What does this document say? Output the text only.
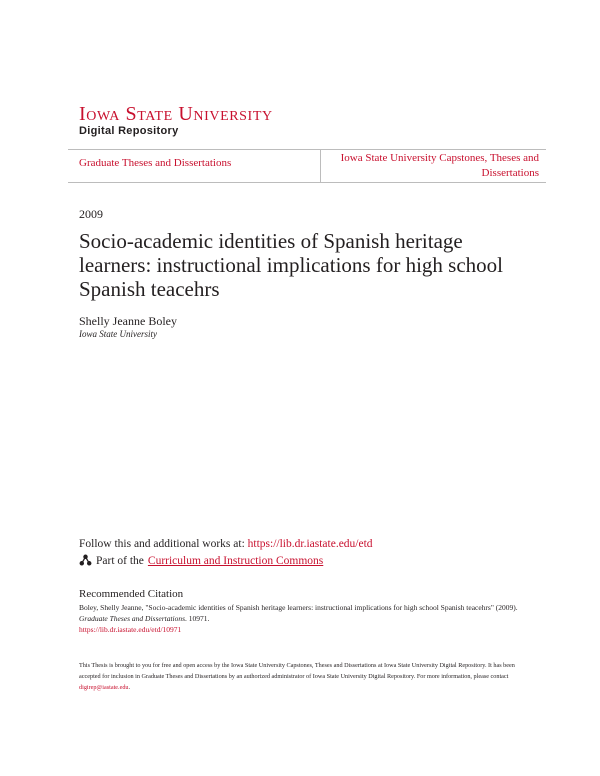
Iowa State University
Digital Repository
Graduate Theses and Dissertations	Iowa State University Capstones, Theses and Dissertations
2009
Socio-academic identities of Spanish heritage learners: instructional implications for high school Spanish teacehrs
Shelly Jeanne Boley
Iowa State University
Follow this and additional works at: https://lib.dr.iastate.edu/etd
Part of the Curriculum and Instruction Commons
Recommended Citation
Boley, Shelly Jeanne, "Socio-academic identities of Spanish heritage learners: instructional implications for high school Spanish teacehrs" (2009). Graduate Theses and Dissertations. 10971.
https://lib.dr.iastate.edu/etd/10971
This Thesis is brought to you for free and open access by the Iowa State University Capstones, Theses and Dissertations at Iowa State University Digital Repository. It has been accepted for inclusion in Graduate Theses and Dissertations by an authorized administrator of Iowa State University Digital Repository. For more information, please contact digirep@iastate.edu.
